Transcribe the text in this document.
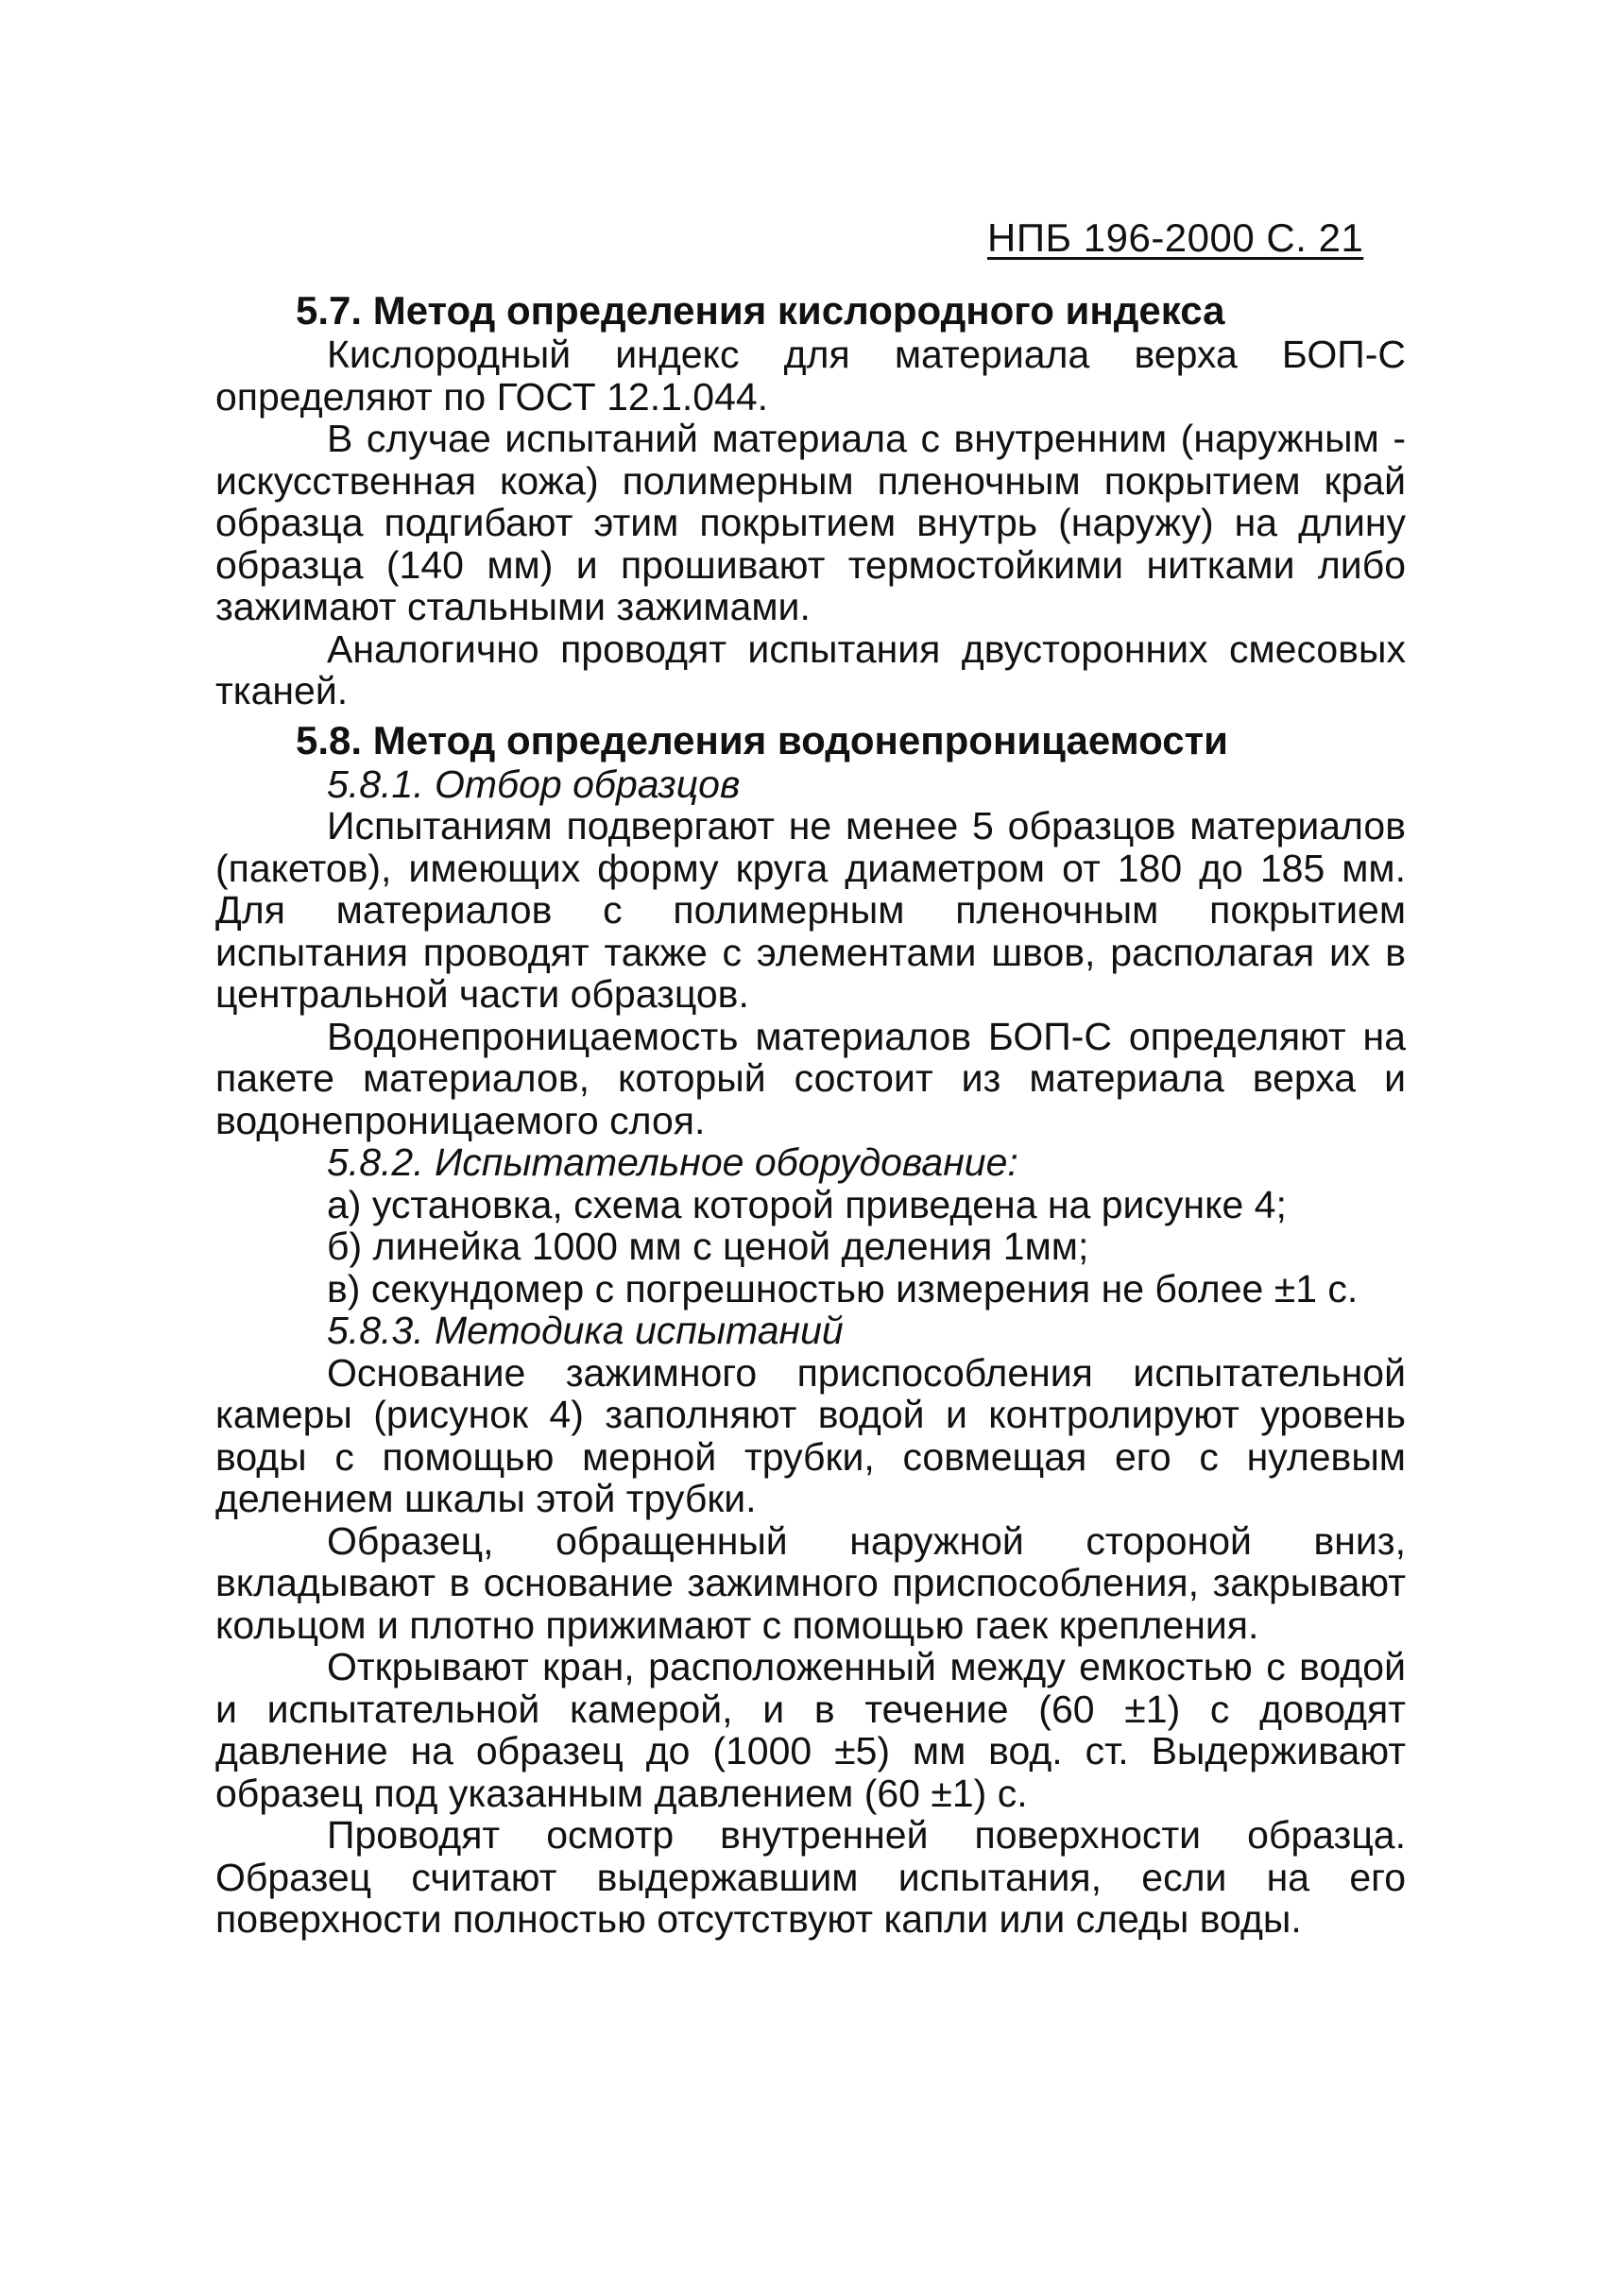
НПБ 196-2000 С. 21

5.7. Метод определения кислородного индекса

Кислородный индекс для материала верха БОП-С определяют по ГОСТ 12.1.044.

В случае испытаний материала с внутренним (наружным - искусственная кожа) полимерным пленочным покрытием край образца подгибают этим покрытием внутрь (наружу) на длину образца (140 мм) и прошивают термостойкими нитками либо зажимают стальными зажимами.

Аналогично проводят испытания двусторонних смесовых тканей.

5.8. Метод определения водонепроницаемости

5.8.1. Отбор образцов

Испытаниям подвергают не менее 5 образцов материалов (пакетов), имеющих форму круга диаметром от 180 до 185 мм. Для материалов с полимерным пленочным покрытием испытания проводят также с элементами швов, располагая их в центральной части образцов.

Водонепроницаемость материалов БОП-С определяют на пакете материалов, который состоит из материала верха и водонепроницаемого слоя.

5.8.2. Испытательное оборудование:

а) установка, схема которой приведена на рисунке 4;

б) линейка 1000 мм с ценой деления 1мм;

в) секундомер с погрешностью измерения не более ±1 с.

5.8.3. Методика испытаний

Основание зажимного приспособления испытательной камеры (рисунок 4) заполняют водой и контролируют уровень воды с помощью мерной трубки, совмещая его с нулевым делением шкалы этой трубки.

Образец, обращенный наружной стороной вниз, вкладывают в основание зажимного приспособления, закрывают кольцом и плотно прижимают с помощью гаек крепления.

Открывают кран, расположенный между емкостью с водой и испытательной камерой, и в течение (60 ±1) с доводят давление на образец до (1000 ±5) мм вод. ст. Выдерживают образец под указанным давлением (60 ±1) с.

Проводят осмотр внутренней поверхности образца. Образец считают выдержавшим испытания, если на его поверхности полностью отсутствуют капли или следы воды.
